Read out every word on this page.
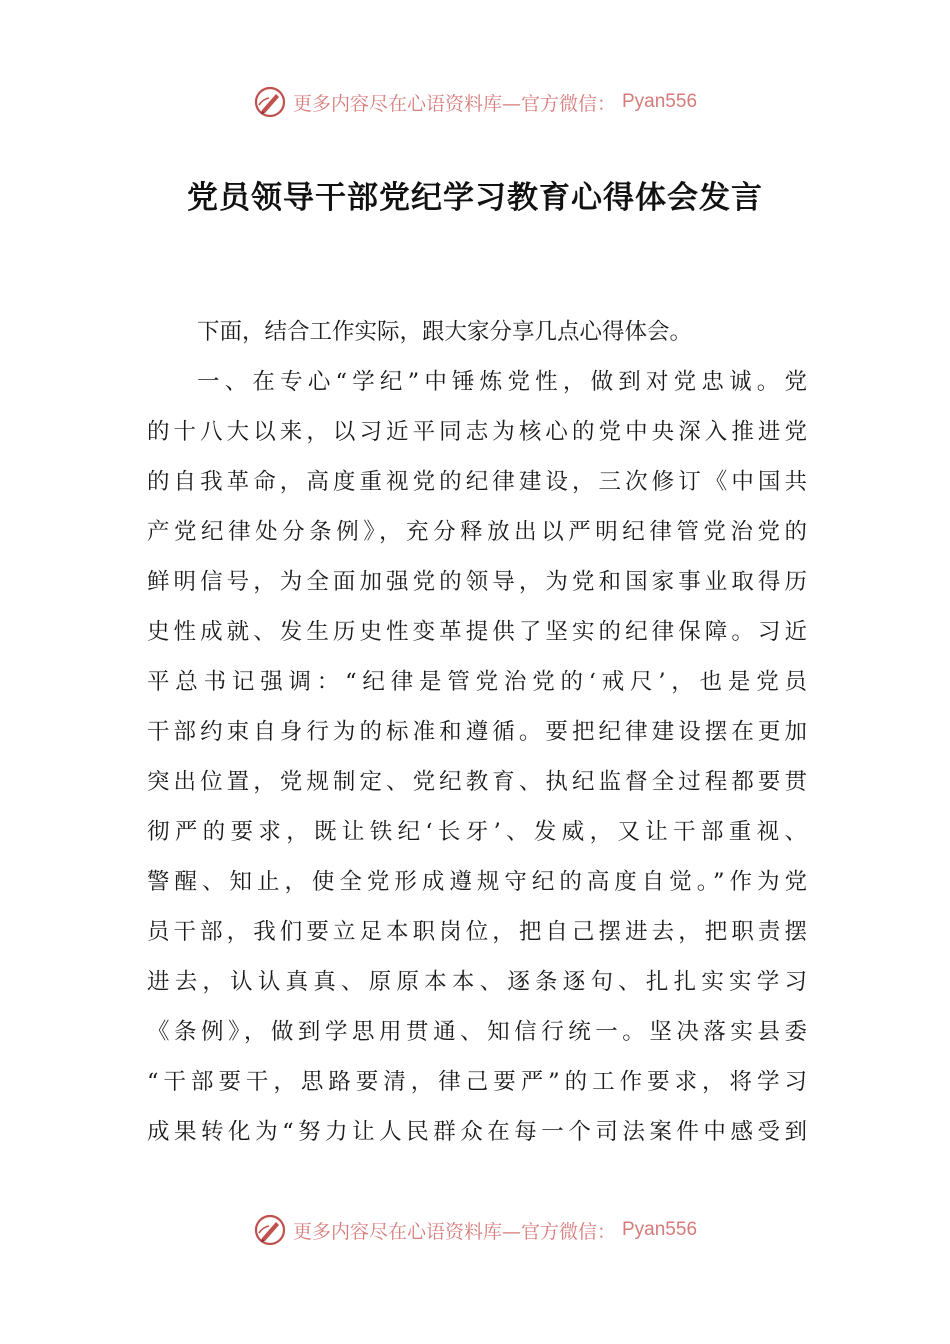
更多内容尽在心语资料库—官方微信： Pyan556
党员领导干部党纪学习教育心得体会发言
下面，结合工作实际，跟大家分享几点心得体会。
一、在专心“学纪”中锤炼党性，做到对党忠诚。党
的十八大以来，以习近平同志为核心的党中央深入推进党
的自我革命，高度重视党的纪律建设，三次修订《中国共
产党纪律处分条例》，充分释放出以严明纪律管党治党的
鲜明信号，为全面加强党的领导，为党和国家事业取得历
史性成就、发生历史性变革提供了坚实的纪律保障。习近
平总书记强调：“纪律是管党治党的‘戒尺’，也是党员
干部约束自身行为的标准和遵循。要把纪律建设摆在更加
突出位置，党规制定、党纪教育、执纪监督全过程都要贯
彻严的要求，既让铁纪‘长牙’、发威，又让干部重视、
警醒、知止，使全党形成遵规守纪的高度自觉。”作为党
员干部，我们要立足本职岗位，把自己摆进去，把职责摆
进去，认认真真、原原本本、逐条逐句、扎扎实实学习
《条例》，做到学思用贯通、知信行统一。坚决落实县委
“干部要干，思路要清，律己要严”的工作要求，将学习
成果转化为“努力让人民群众在每一个司法案件中感受到
更多内容尽在心语资料库—官方微信： Pyan556
